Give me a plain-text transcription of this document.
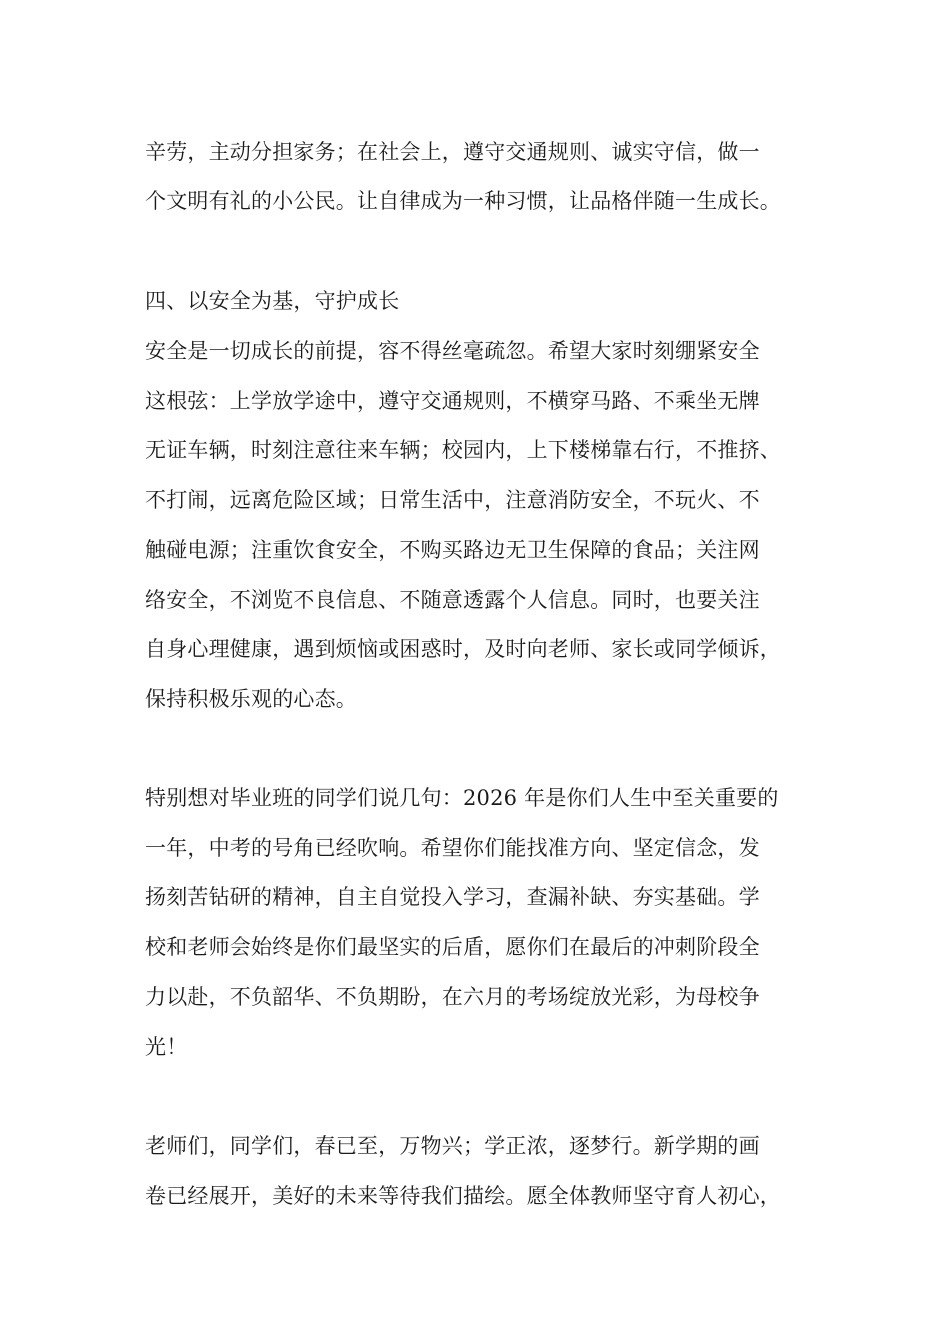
辛劳，主动分担家务；在社会上，遵守交通规则、诚实守信，做一
个文明有礼的小公民。让自律成为一种习惯，让品格伴随一生成长。
四、以安全为基，守护成长
安全是一切成长的前提，容不得丝毫疏忽。希望大家时刻绷紧安全
这根弦：上学放学途中，遵守交通规则，不横穿马路、不乘坐无牌
无证车辆，时刻注意往来车辆；校园内，上下楼梯靠右行，不推挤、
不打闹，远离危险区域；日常生活中，注意消防安全，不玩火、不
触碰电源；注重饮食安全，不购买路边无卫生保障的食品；关注网
络安全，不浏览不良信息、不随意透露个人信息。同时，也要关注
自身心理健康，遇到烦恼或困惑时，及时向老师、家长或同学倾诉，
保持积极乐观的心态。
特别想对毕业班的同学们说几句：2026 年是你们人生中至关重要的
一年，中考的号角已经吹响。希望你们能找准方向、坚定信念，发
扬刻苦钻研的精神，自主自觉投入学习，查漏补缺、夯实基础。学
校和老师会始终是你们最坚实的后盾，愿你们在最后的冲刺阶段全
力以赴，不负韶华、不负期盼，在六月的考场绽放光彩，为母校争
光！
老师们，同学们，春已至，万物兴；学正浓，逐梦行。新学期的画
卷已经展开，美好的未来等待我们描绘。愿全体教师坚守育人初心，
